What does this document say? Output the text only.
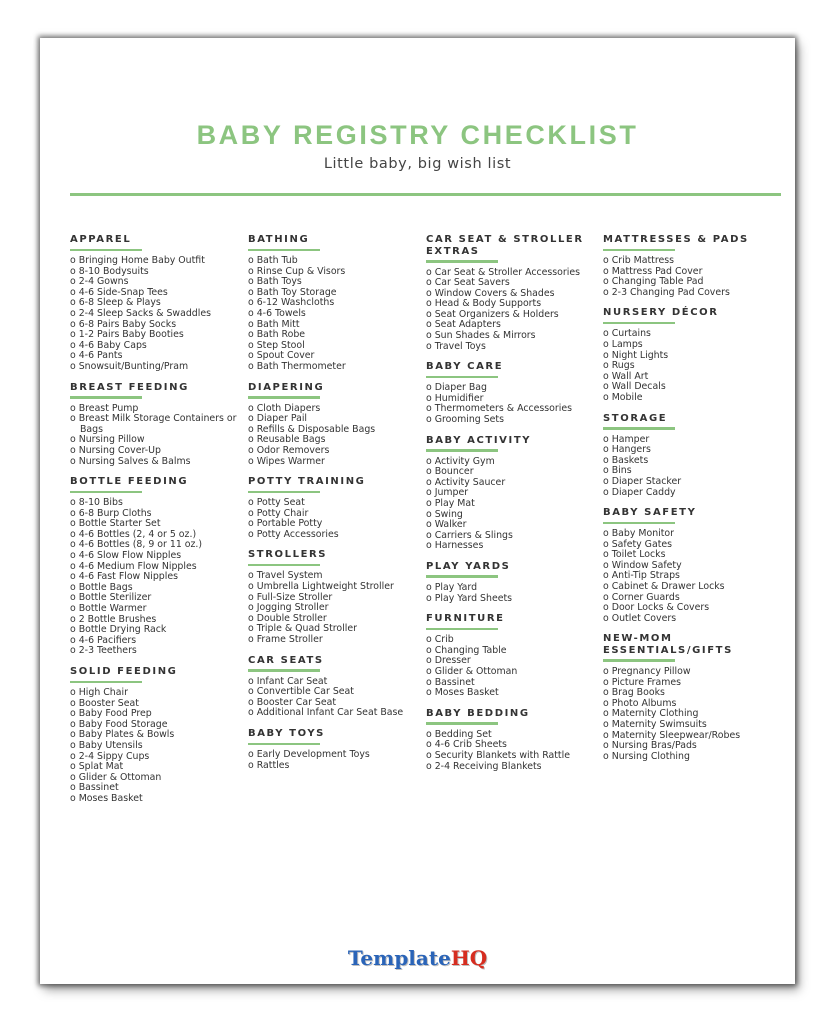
BABY REGISTRY CHECKLIST
Little baby, big wish list
APPAREL
o Bringing Home Baby Outfit
o 8-10 Bodysuits
o 2-4 Gowns
o 4-6 Side-Snap Tees
o 6-8 Sleep & Plays
o 2-4 Sleep Sacks & Swaddles
o 6-8 Pairs Baby Socks
o 1-2 Pairs Baby Booties
o 4-6 Baby Caps
o 4-6 Pants
o Snowsuit/Bunting/Pram
BREAST FEEDING
o Breast Pump
o Breast Milk Storage Containers or Bags
o Nursing Pillow
o Nursing Cover-Up
o Nursing Salves & Balms
BOTTLE FEEDING
o 8-10 Bibs
o 6-8 Burp Cloths
o Bottle Starter Set
o 4-6 Bottles (2, 4 or 5 oz.)
o 4-6 Bottles (8, 9 or 11 oz.)
o 4-6 Slow Flow Nipples
o 4-6 Medium Flow Nipples
o 4-6 Fast Flow Nipples
o Bottle Bags
o Bottle Sterilizer
o Bottle Warmer
o 2 Bottle Brushes
o Bottle Drying Rack
o 4-6 Pacifiers
o 2-3 Teethers
SOLID FEEDING
o High Chair
o Booster Seat
o Baby Food Prep
o Baby Food Storage
o Baby Plates & Bowls
o Baby Utensils
o 2-4 Sippy Cups
o Splat Mat
o Glider & Ottoman
o Bassinet
o Moses Basket
BATHING
o Bath Tub
o Rinse Cup & Visors
o Bath Toys
o Bath Toy Storage
o 6-12 Washcloths
o 4-6 Towels
o Bath Mitt
o Bath Robe
o Step Stool
o Spout Cover
o Bath Thermometer
DIAPERING
o Cloth Diapers
o Diaper Pail
o Refills & Disposable Bags
o Reusable Bags
o Odor Removers
o Wipes Warmer
POTTY TRAINING
o Potty Seat
o Potty Chair
o Portable Potty
o Potty Accessories
STROLLERS
o Travel System
o Umbrella Lightweight Stroller
o Full-Size Stroller
o Jogging Stroller
o Double Stroller
o Triple & Quad Stroller
o Frame Stroller
CAR SEATS
o Infant Car Seat
o Convertible Car Seat
o Booster Car Seat
o Additional Infant Car Seat Base
BABY TOYS
o Early Development Toys
o Rattles
CAR SEAT & STROLLER EXTRAS
o Car Seat & Stroller Accessories
o Car Seat Savers
o Window Covers & Shades
o Head & Body Supports
o Seat Organizers & Holders
o Seat Adapters
o Sun Shades & Mirrors
o Travel Toys
BABY CARE
o Diaper Bag
o Humidifier
o Thermometers & Accessories
o Grooming Sets
BABY ACTIVITY
o Activity Gym
o Bouncer
o Activity Saucer
o Jumper
o Play Mat
o Swing
o Walker
o Carriers & Slings
o Harnesses
PLAY YARDS
o Play Yard
o Play Yard Sheets
FURNITURE
o Crib
o Changing Table
o Dresser
o Glider & Ottoman
o Bassinet
o Moses Basket
BABY BEDDING
o Bedding Set
o 4-6 Crib Sheets
o Security Blankets with Rattle
o 2-4 Receiving Blankets
MATTRESSES & PADS
o Crib Mattress
o Mattress Pad Cover
o Changing Table Pad
o 2-3 Changing Pad Covers
NURSERY DÉCOR
o Curtains
o Lamps
o Night Lights
o Rugs
o Wall Art
o Wall Decals
o Mobile
STORAGE
o Hamper
o Hangers
o Baskets
o Bins
o Diaper Stacker
o Diaper Caddy
BABY SAFETY
o Baby Monitor
o Safety Gates
o Toilet Locks
o Window Safety
o Anti-Tip Straps
o Cabinet & Drawer Locks
o Corner Guards
o Door Locks & Covers
o Outlet Covers
NEW-MOM ESSENTIALS/GIFTS
o Pregnancy Pillow
o Picture Frames
o Brag Books
o Photo Albums
o Maternity Clothing
o Maternity Swimsuits
o Maternity Sleepwear/Robes
o Nursing Bras/Pads
o Nursing Clothing
TemplateHQ
